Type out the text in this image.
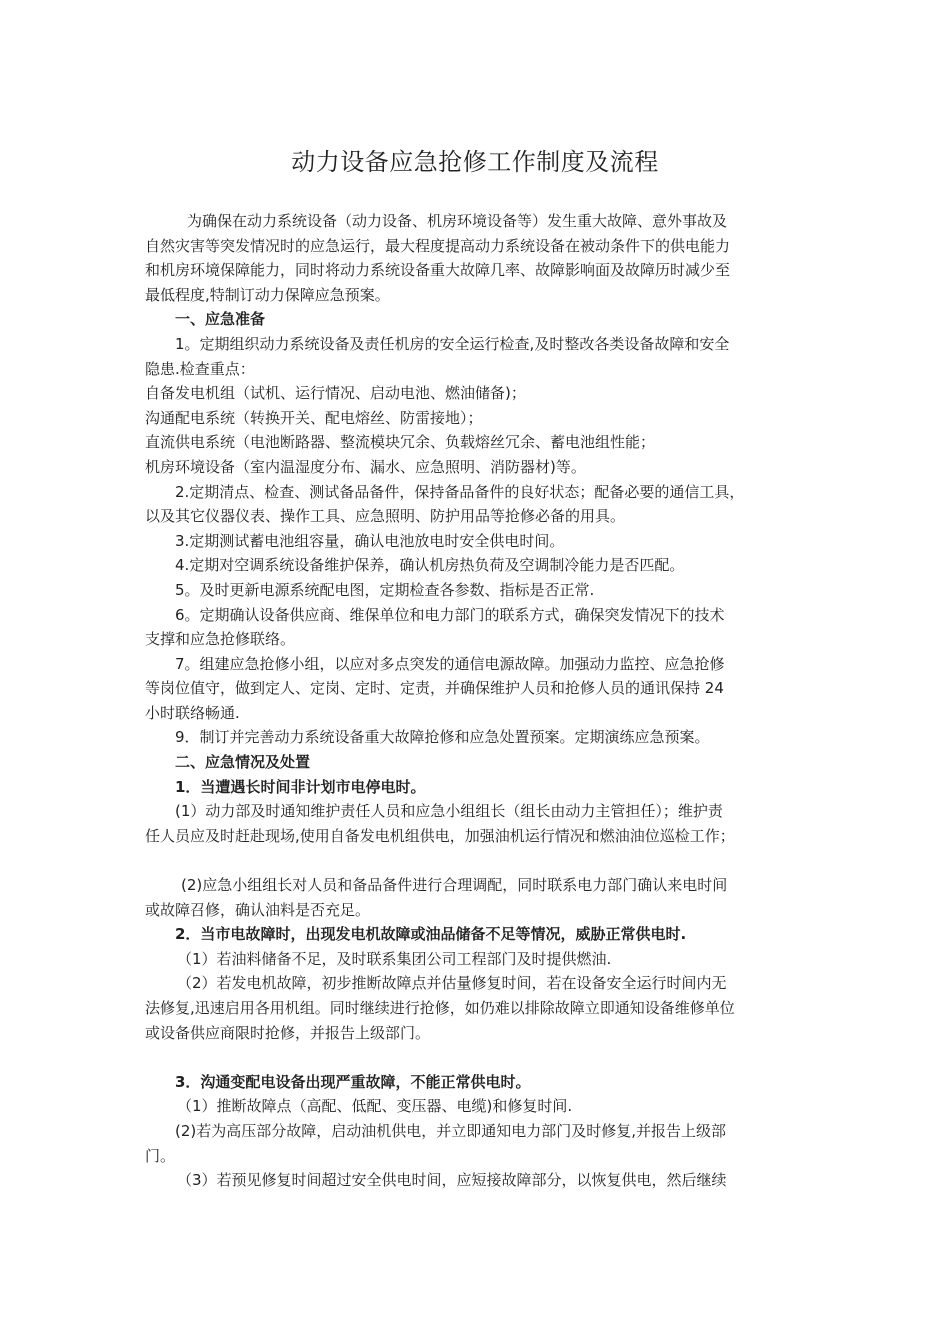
动力设备应急抢修工作制度及流程

为确保在动力系统设备（动力设备、机房环境设备等）发生重大故障、意外事故及

自然灾害等突发情况时的应急运行，最大程度提高动力系统设备在被动条件下的供电能力

和机房环境保障能力，同时将动力系统设备重大故障几率、故障影响面及故障历时减少至

最低程度,特制订动力保障应急预案。

一、应急准备

1。定期组织动力系统设备及责任机房的安全运行检查,及时整改各类设备故障和安全

隐患.检查重点：

自备发电机组（试机、运行情况、启动电池、燃油储备)；

沟通配电系统（转换开关、配电熔丝、防雷接地）；

直流供电系统（电池断路器、整流模块冗余、负载熔丝冗余、蓄电池组性能；

机房环境设备（室内温湿度分布、漏水、应急照明、消防器材)等。

2.定期清点、检查、测试备品备件，保持备品备件的良好状态；配备必要的通信工具，

以及其它仪器仪表、操作工具、应急照明、防护用品等抢修必备的用具。

3.定期测试蓄电池组容量，确认电池放电时安全供电时间。

4.定期对空调系统设备维护保养，确认机房热负荷及空调制冷能力是否匹配。

5。及时更新电源系统配电图，定期检查各参数、指标是否正常.

6。定期确认设备供应商、维保单位和电力部门的联系方式，确保突发情况下的技术

支撑和应急抢修联络。

7。组建应急抢修小组，以应对多点突发的通信电源故障。加强动力监控、应急抢修

等岗位值守，做到定人、定岗、定时、定责，并确保维护人员和抢修人员的通讯保持 24

小时联络畅通.

9．制订并完善动力系统设备重大故障抢修和应急处置预案。定期演练应急预案。

二、应急情况及处置

1．当遭遇长时间非计划市电停电时。

(1）动力部及时通知维护责任人员和应急小组组长（组长由动力主管担任）；维护责

任人员应及时赶赴现场,使用自备发电机组供电，加强油机运行情况和燃油油位巡检工作；

(2)应急小组组长对人员和备品备件进行合理调配，同时联系电力部门确认来电时间

或故障召修，确认油料是否充足。

2．当市电故障时，出现发电机故障或油品储备不足等情况，威胁正常供电时.

（1）若油料储备不足，及时联系集团公司工程部门及时提供燃油.

（2）若发电机故障，初步推断故障点并估量修复时间，若在设备安全运行时间内无

法修复,迅速启用各用机组。同时继续进行抢修，如仍难以排除故障立即通知设备维修单位

或设备供应商限时抢修，并报告上级部门。

3．沟通变配电设备出现严重故障，不能正常供电时。

（1）推断故障点（高配、低配、变压器、电缆)和修复时间.

(2)若为高压部分故障，启动油机供电，并立即通知电力部门及时修复,并报告上级部

门。

（3）若预见修复时间超过安全供电时间，应短接故障部分，以恢复供电，然后继续
